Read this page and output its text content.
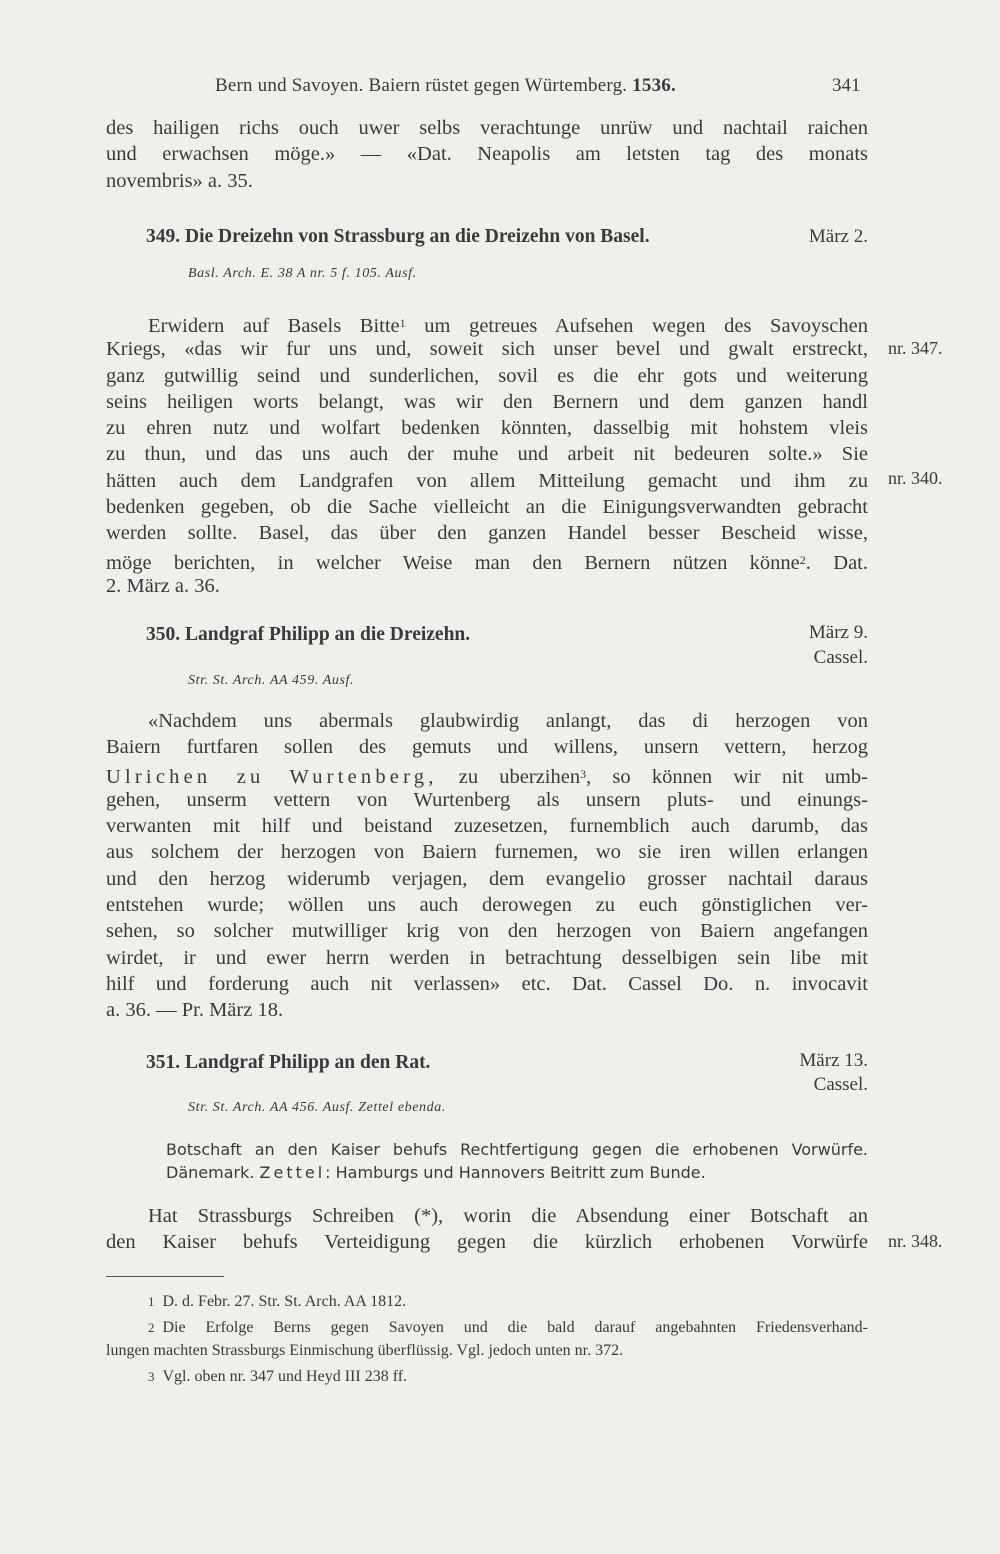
Bern und Savoyen. Baiern rüstet gegen Würtemberg. 1536.	341
des hailigen richs ouch uwer selbs verachtunge unrüw und nachtail raichen
und erwachsen möge.» — «Dat. Neapolis am letsten tag des monats
novembris» a. 35.
349. Die Dreizehn von Strassburg an die Dreizehn von Basel.	März 2.
Basl. Arch. E. 38 A nr. 5 f. 105. Ausf.
Erwidern auf Basels Bitte$^1$ um getreues Aufsehen wegen des Savoyschen
Kriegs, «das wir fur uns und, soweit sich unser bevel und gwalt erstreckt,
ganz gutwillig seind und sunderlichen, sovil es die ehr gots und weiterung
seins heiligen worts belangt, was wir den Bernern und dem ganzen handl
zu ehren nutz und wolfart bedenken könnten, dasselbig mit hohstem vleis
zu thun, und das uns auch der muhe und arbeit nit bedeuren solte.» Sie
hätten auch dem Landgrafen von allem Mitteilung gemacht und ihm zu
bedenken gegeben, ob die Sache vielleicht an die Einigungsverwandten gebracht
werden sollte. Basel, das über den ganzen Handel besser Bescheid wisse,
möge berichten, in welcher Weise man den Bernern nützen könne$^2$. Dat.
2. März a. 36.
nr. 347.
nr. 340.
350. Landgraf Philipp an die Dreizehn.	März 9.
Cassel.
Str. St. Arch. AA 459. Ausf.
«Nachdem uns abermals glaubwirdig anlangt, das di herzogen von
Baiern furtfaren sollen des gemuts und willens, unsern vettern, herzog
Ulrichen zu Wurtenberg, zu uberzihen$^3$, so können wir nit umb-
gehen, unserm vettern von Wurtenberg als unsern pluts- und einungs-
verwanten mit hilf und beistand zuzesetzen, furnemblich auch darumb, das
aus solchem der herzogen von Baiern furnemen, wo sie iren willen erlangen
und den herzog widerumb verjagen, dem evangelio grosser nachtail daraus
entstehen wurde; wöllen uns auch derowegen zu euch gönstiglichen ver-
sehen, so solcher mutwilliger krig von den herzogen von Baiern angefangen
wirdet, ir und ewer herrn werden in betrachtung desselbigen sein libe mit
hilf und forderung auch nit verlassen» etc. Dat. Cassel Do. n. invocavit
a. 36. — Pr. März 18.
351. Landgraf Philipp an den Rat.	März 13.
Cassel.
Str. St. Arch. AA 456. Ausf. Zettel ebenda.
Botschaft an den Kaiser behufs Rechtfertigung gegen die erhobenen Vorwürfe.
Dänemark. Zettel: Hamburgs und Hannovers Beitritt zum Bunde.
Hat Strassburgs Schreiben (*), worin die Absendung einer Botschaft an
den Kaiser behufs Verteidigung gegen die kürzlich erhobenen Vorwürfe nr. 348.
1 D. d. Febr. 27. Str. St. Arch. AA 1812.
2 Die Erfolge Berns gegen Savoyen und die bald darauf angebahnten Friedensverhand-
lungen machten Strassburgs Einmischung überflüssig. Vgl. jedoch unten nr. 372.
3 Vgl. oben nr. 347 und Heyd III 238 ff.
